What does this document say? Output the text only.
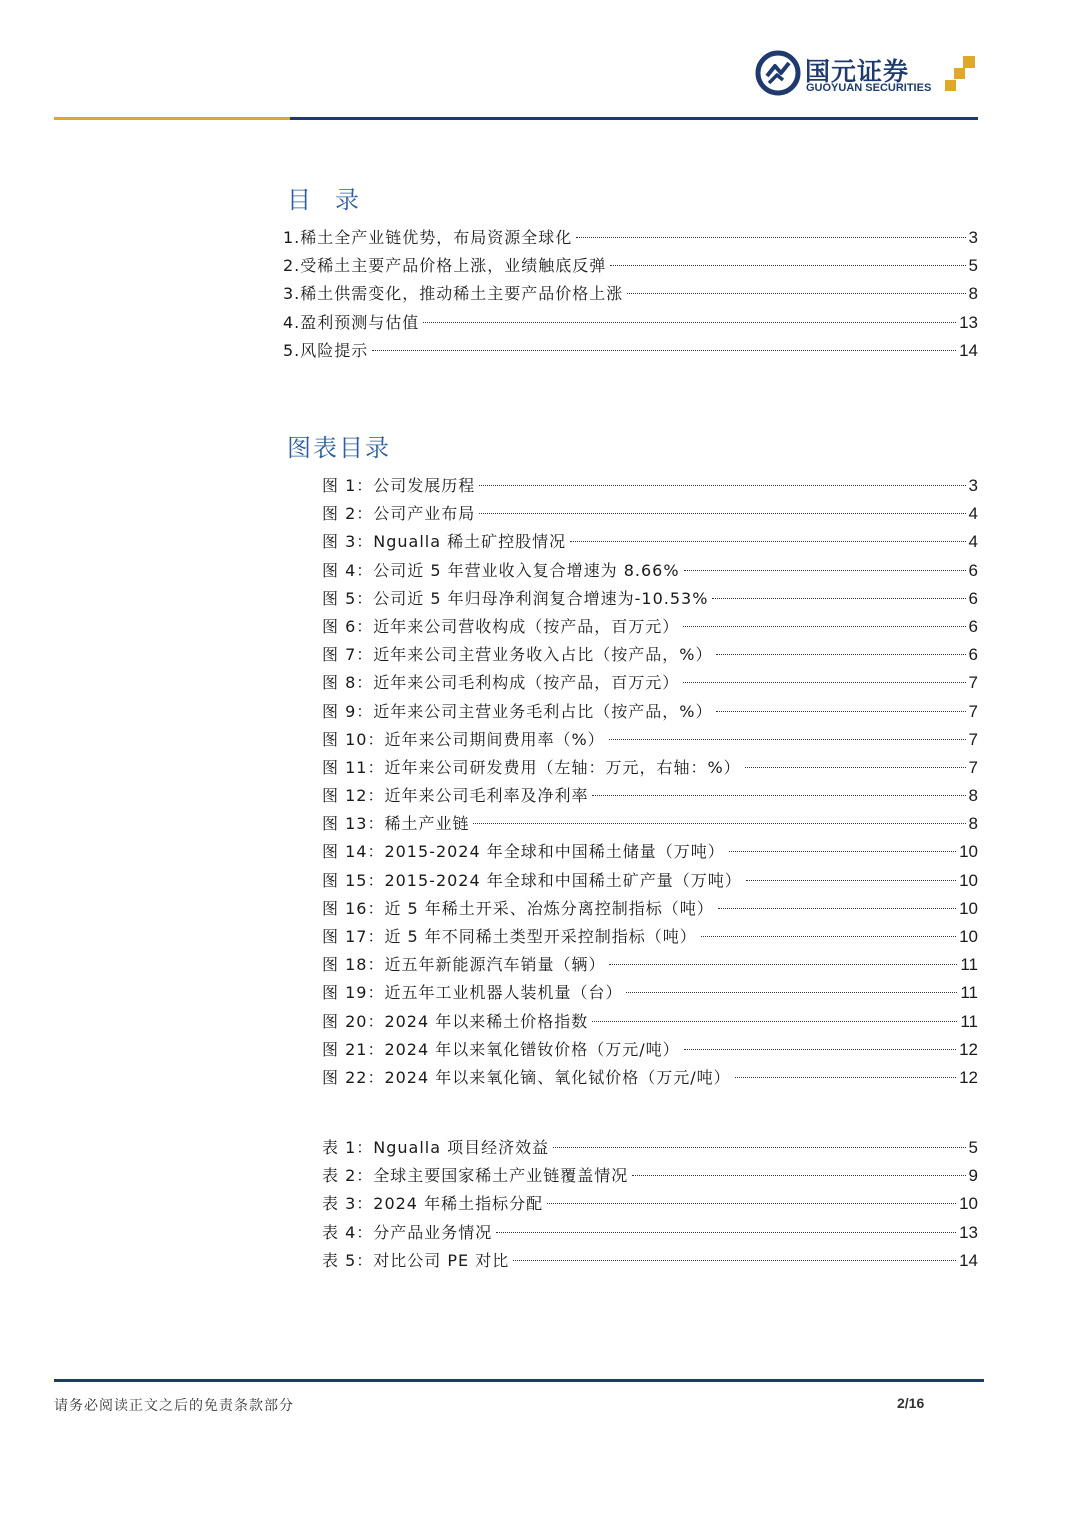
国元证券
GUOYUAN SECURITIES
目录
1.稀土全产业链优势，布局资源全球化	3
2.受稀土主要产品价格上涨，业绩触底反弹	5
3.稀土供需变化，推动稀土主要产品价格上涨	8
4.盈利预测与估值	13
5.风险提示	14
图表目录
图 1：公司发展历程	3
图 2：公司产业布局	4
图 3：Ngualla 稀土矿控股情况	4
图 4：公司近 5 年营业收入复合增速为 8.66%	6
图 5：公司近 5 年归母净利润复合增速为-10.53%	6
图 6：近年来公司营收构成（按产品，百万元）	6
图 7：近年来公司主营业务收入占比（按产品，%）	6
图 8：近年来公司毛利构成（按产品，百万元）	7
图 9：近年来公司主营业务毛利占比（按产品，%）	7
图 10：近年来公司期间费用率（%）	7
图 11：近年来公司研发费用（左轴：万元，右轴：%）	7
图 12：近年来公司毛利率及净利率	8
图 13：稀土产业链	8
图 14：2015-2024 年全球和中国稀土储量（万吨）	10
图 15：2015-2024 年全球和中国稀土矿产量（万吨）	10
图 16：近 5 年稀土开采、冶炼分离控制指标（吨）	10
图 17：近 5 年不同稀土类型开采控制指标（吨）	10
图 18：近五年新能源汽车销量（辆）	11
图 19：近五年工业机器人装机量（台）	11
图 20：2024 年以来稀土价格指数	11
图 21：2024 年以来氧化镨钕价格（万元/吨）	12
图 22：2024 年以来氧化镝、氧化铽价格（万元/吨）	12
表 1：Ngualla 项目经济效益	5
表 2：全球主要国家稀土产业链覆盖情况	9
表 3：2024 年稀土指标分配	10
表 4：分产品业务情况	13
表 5：对比公司 PE 对比	14
请务必阅读正文之后的免责条款部分	2/16
